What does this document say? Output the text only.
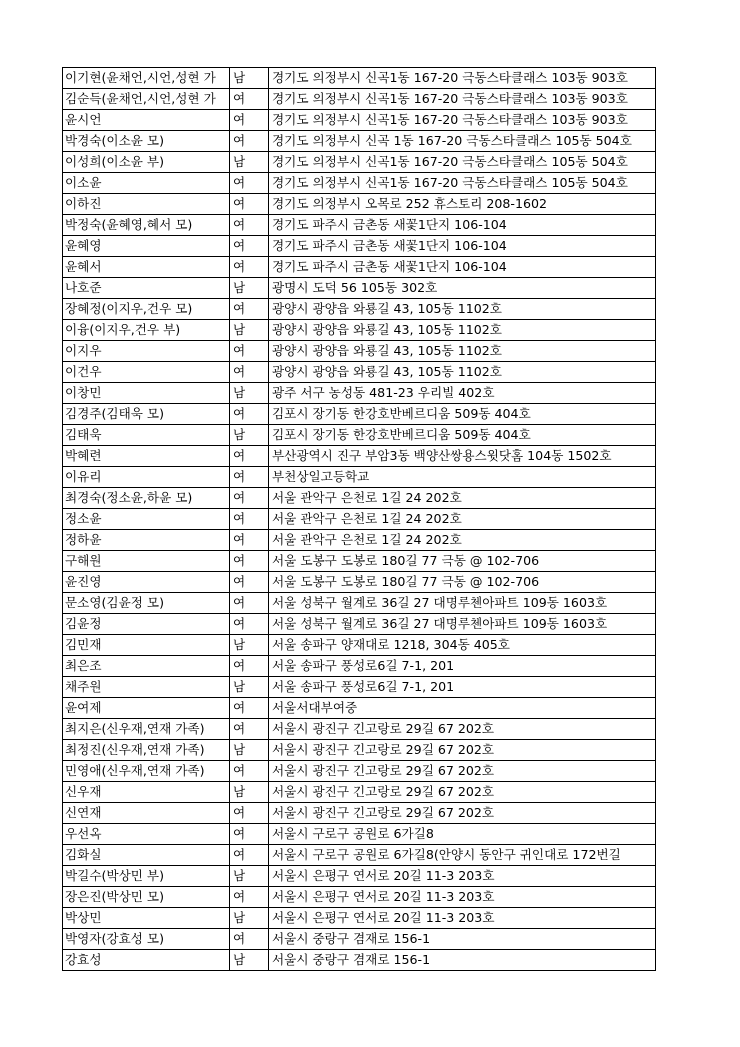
이기현(윤채언,시언,성현 가	남	경기도 의정부시 신곡1동 167-20 극동스타클래스 103동 903호
김순득(윤채언,시언,성현 가	여	경기도 의정부시 신곡1동 167-20 극동스타클래스 103동 903호
윤시언	여	경기도 의정부시 신곡1동 167-20 극동스타클래스 103동 903호
박경숙(이소윤 모)	여	경기도 의정부시 신곡 1동 167-20 극동스타클래스 105동 504호
이성희(이소윤 부)	남	경기도 의정부시 신곡1동 167-20 극동스타클래스 105동 504호
이소윤	여	경기도 의정부시 신곡1동 167-20 극동스타클래스 105동 504호
이하진	여	경기도 의정부시 오목로 252 휴스토리 208-1602
박정숙(윤혜영,혜서 모)	여	경기도 파주시 금촌동 새꽃1단지 106-104
윤혜영	여	경기도 파주시 금촌동 새꽃1단지 106-104
윤혜서	여	경기도 파주시 금촌동 새꽃1단지 106-104
나호준	남	광명시 도덕 56 105동 302호
장혜정(이지우,건우 모)	여	광양시 광양읍 와룡길 43, 105동 1102호
이융(이지우,건우 부)	남	광양시 광양읍 와룡길 43, 105동 1102호
이지우	여	광양시 광양읍 와룡길 43, 105동 1102호
이건우	여	광양시 광양읍 와룡길 43, 105동 1102호
이창민	남	광주 서구 농성동 481-23 우리빌 402호
김경주(김태욱 모)	여	김포시 장기동 한강호반베르디움 509동 404호
김태욱	남	김포시 장기동 한강호반베르디움 509동 404호
박혜련	여	부산광역시 진구 부암3동 백양산쌍용스윗닷홈 104동 1502호
이유리	여	부천상일고등학교
최경숙(정소윤,하윤 모)	여	서울 관악구 은천로 1길 24 202호
정소윤	여	서울 관악구 은천로 1길 24 202호
정하윤	여	서울 관악구 은천로 1길 24 202호
구해원	여	서울 도봉구 도봉로 180길 77 극동 @ 102-706
윤진영	여	서울 도봉구 도봉로 180길 77 극동 @ 102-706
문소영(김윤정 모)	여	서울 성북구 월계로 36길 27 대명루첸아파트 109동 1603호
김윤정	여	서울 성북구 월계로 36길 27 대명루첸아파트 109동 1603호
김민재	남	서울 송파구 양재대로 1218, 304동 405호
최은조	여	서울 송파구 풍성로6길 7-1, 201
채주원	남	서울 송파구 풍성로6길 7-1, 201
윤여제	여	서울서대부여중
최지은(신우재,연재 가족)	여	서울시 광진구 긴고랑로 29길 67 202호
최정진(신우재,연재 가족)	남	서울시 광진구 긴고랑로 29길 67 202호
민영애(신우재,연재 가족)	여	서울시 광진구 긴고랑로 29길 67 202호
신우재	남	서울시 광진구 긴고랑로 29길 67 202호
신연재	여	서울시 광진구 긴고랑로 29길 67 202호
우선옥	여	서울시 구로구 공원로 6가길8
김화실	여	서울시 구로구 공원로 6가길8(안양시 동안구 귀인대로 172번길
박길수(박상민 부)	남	서울시 은평구 연서로 20길 11-3 203호
장은진(박상민 모)	여	서울시 은평구 연서로 20길 11-3 203호
박상민	남	서울시 은평구 연서로 20길 11-3 203호
박영자(강효성 모)	여	서울시 중랑구 겸재로 156-1
강효성	남	서울시 중랑구 겸재로 156-1
